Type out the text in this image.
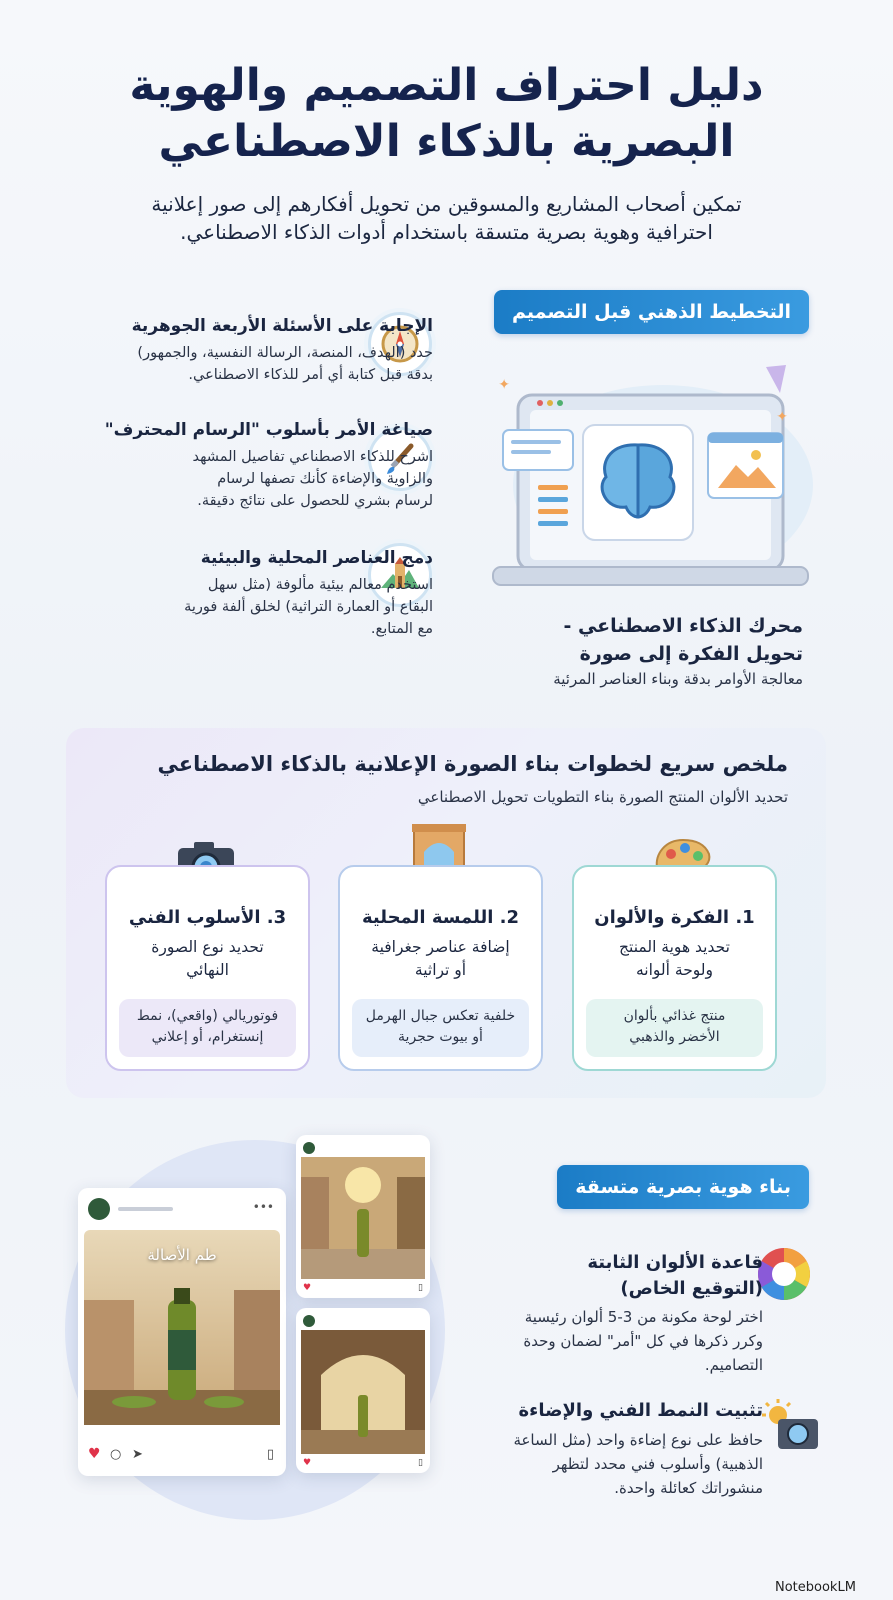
دليل احتراف التصميم والهوية
البصرية بالذكاء الاصطناعي
تمكين أصحاب المشاريع والمسوقين من تحويل أفكارهم إلى صور إعلانية
احترافية وهوية بصرية متسقة باستخدام أدوات الذكاء الاصطناعي.
التخطيط الذهني قبل التصميم
الإجابة على الأسئلة الأربعة الجوهرية

حدد (الهدف، المنصة، الرسالة النفسية، والجمهور)
بدقة قبل كتابة أي أمر للذكاء الاصطناعي.

صياغة الأمر بأسلوب "الرسام المحترف"

اشرح للذكاء الاصطناعي تفاصيل المشهد
والزاوية والإضاءة كأنك تصفها لرسام
لرسام بشري للحصول على نتائج دقيقة.

دمج العناصر المحلية والبيئية

استخدم معالم بيئية مألوفة (مثل سهل
البقاع أو العمارة التراثية) لخلق ألفة فورية
مع المتابع.

✦
✦
محرك الذكاء الاصطناعي -
تحويل الفكرة إلى صورة
معالجة الأوامر بدقة وبناء العناصر المرئية
ملخص سريع لخطوات بناء الصورة الإعلانية بالذكاء الاصطناعي
تحديد الألوان المنتج الصورة بناء التطويات تحويل الاصطناعي
1. الفكرة والألوان
تحديد هوية المنتج
ولوحة ألوانه
منتج غذائي بألوان
الأخضر والذهبي
2. اللمسة المحلية
إضافة عناصر جغرافية
أو تراثية
خلفية تعكس جبال الهرمل
أو بيوت حجرية
3. الأسلوب الفني
تحديد نوع الصورة
النهائي
فوتوريالي (واقعي)، نمط
إنستغرام، أو إعلاني
بناء هوية بصرية متسقة
قاعدة الألوان الثابتة
(التوقيع الخاص)
اختر لوحة مكونة من 3-5 ألوان رئيسية
وكرر ذكرها في كل "أمر" لضمان وحدة
التصاميم.
تثبيت النمط الفني والإضاءة
حافظ على نوع إضاءة واحد (مثل الساعة
الذهبية) وأسلوب فني محدد لتظهر
منشوراتك كعائلة واحدة.
•••
طم الأصالة
♥ ○ ➤	▯
♥	▯
♥	▯
NotebookLM
